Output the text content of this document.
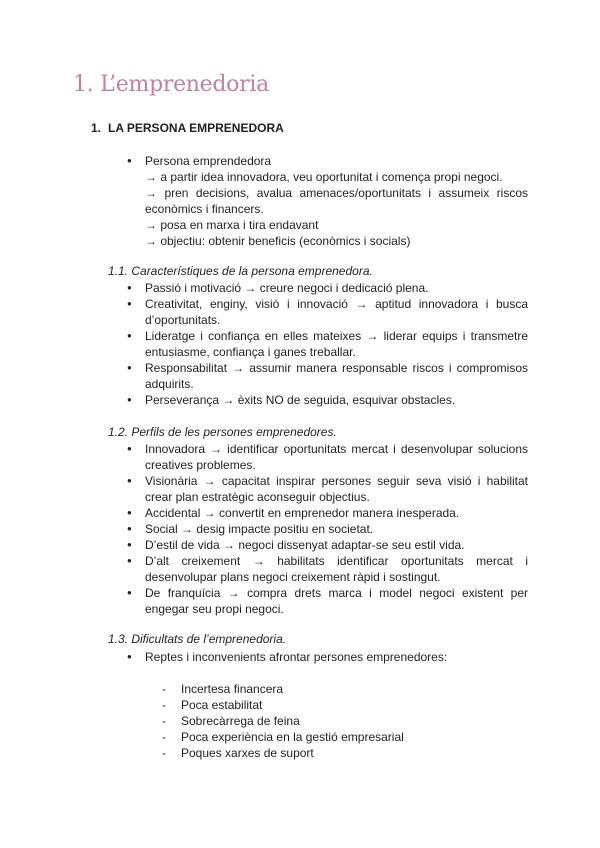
1. L’emprenedoria
1. LA PERSONA EMPRENEDORA
● Persona emprendedora
→ a partir idea innovadora, veu oportunitat i comença propi negoci.
→ pren decisions, avalua amenaces/oportunitats i assumeix riscos econòmics i financers.
→ posa en marxa i tira endavant
→ objectiu: obtenir beneficis (econòmics i socials)
1.1. Característiques de la persona emprenedora.
● Passió i motivació → creure negoci i dedicació plena.
● Creativitat, enginy, visió i innovació → aptitud innovadora i busca d’oportunitats.
● Lideratge i confiança en elles mateixes → liderar equips i transmetre entusiasme, confiança i ganes treballar.
● Responsabilitat → assumir manera responsable riscos i compromisos adquirits.
● Perseverança → èxits NO de seguida, esquivar obstacles.
1.2. Perfils de les persones emprenedores.
● Innovadora → identificar oportunitats mercat i desenvolupar solucions creatives problemes.
● Visionària → capacitat inspirar persones seguir seva visió i habilitat crear plan estratègic aconseguir objectius.
● Accidental → convertit en emprenedor manera inesperada.
● Social → desig impacte positiu en societat.
● D’estil de vida → negoci dissenyat adaptar-se seu estil vida.
● D’alt creixement → habilitats identificar oportunitats mercat i desenvolupar plans negoci creixement ràpid i sostingut.
● De franquícia → compra drets marca i model negoci existent per engegar seu propi negoci.
1.3. Dificultats de l’emprenedoria.
● Reptes i inconvenients afrontar persones emprenedores:
- Incertesa financera
- Poca estabilitat
- Sobrecàrrega de feina
- Poca experiència en la gestió empresarial
- Poques xarxes de suport
